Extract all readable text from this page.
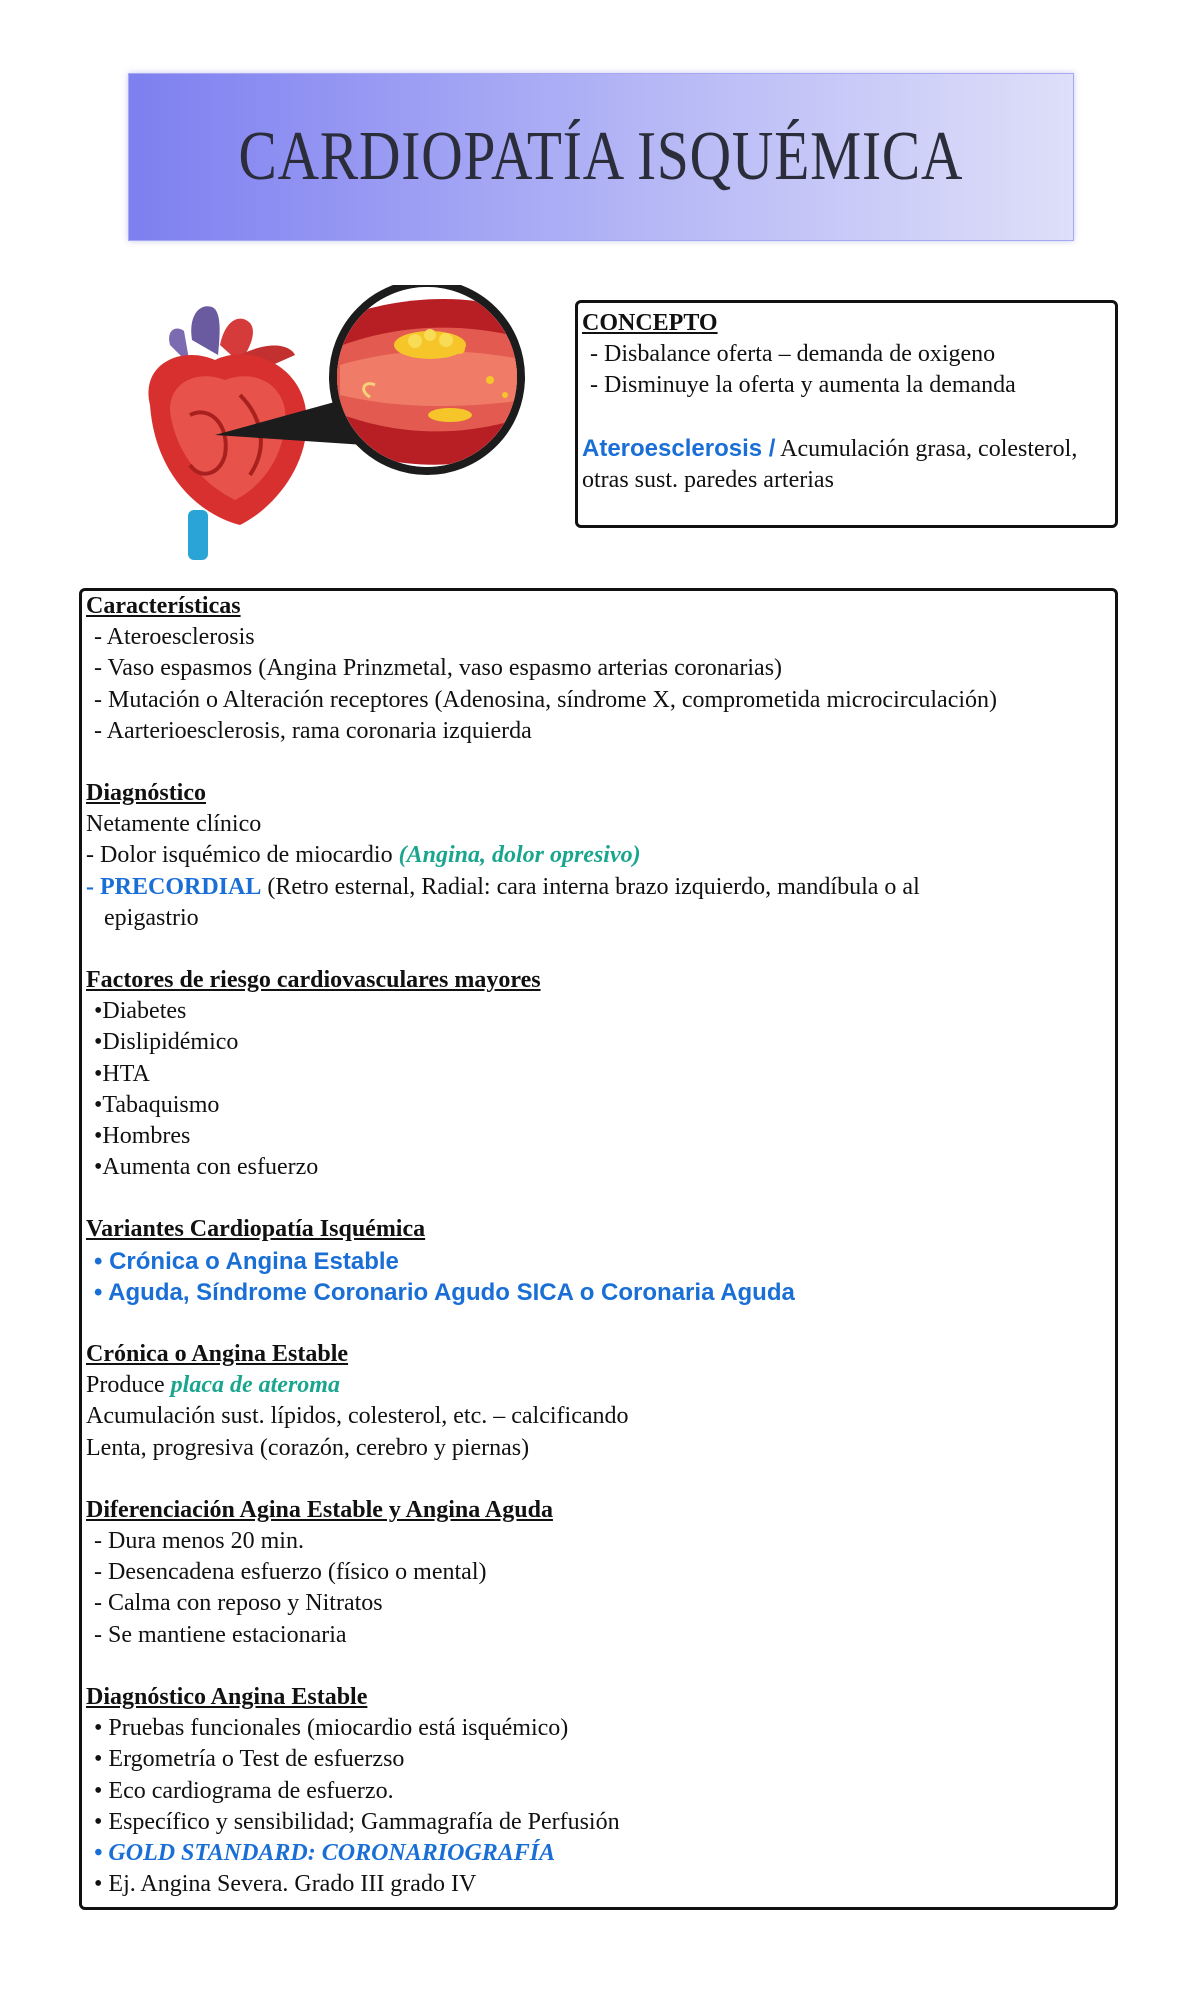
CARDIOPATÍA ISQUÉMICA
CONCEPTO
- Disbalance oferta – demanda de oxigeno
- Disminuye la oferta y aumenta la demanda
Ateroesclerosis / Acumulación grasa, colesterol,
otras sust. paredes arterias
Características
- Ateroesclerosis
- Vaso espasmos (Angina Prinzmetal, vaso espasmo arterias coronarias)
- Mutación o Alteración receptores (Adenosina, síndrome X, comprometida microcirculación)
- Aarterioesclerosis, rama coronaria izquierda
Diagnóstico
Netamente clínico
- Dolor isquémico de miocardio (Angina, dolor opresivo)
- PRECORDIAL (Retro esternal, Radial: cara interna brazo izquierdo, mandíbula o al
epigastrio
Factores de riesgo cardiovasculares mayores
•Diabetes
•Dislipidémico
•HTA
•Tabaquismo
•Hombres
•Aumenta con esfuerzo
Variantes Cardiopatía Isquémica
• Crónica o Angina Estable
• Aguda, Síndrome Coronario Agudo SICA o Coronaria Aguda
Crónica o Angina Estable
Produce placa de ateroma
Acumulación sust. lípidos, colesterol, etc. – calcificando
Lenta, progresiva (corazón, cerebro y piernas)
Diferenciación Agina Estable y Angina Aguda
- Dura menos 20 min.
- Desencadena esfuerzo (físico o mental)
- Calma con reposo y Nitratos
- Se mantiene estacionaria
Diagnóstico Angina Estable
• Pruebas funcionales (miocardio está isquémico)
• Ergometría o Test de esfuerzso
• Eco cardiograma de esfuerzo.
• Específico y sensibilidad; Gammagrafía de Perfusión
• GOLD STANDARD: CORONARIOGRAFÍA
• Ej. Angina Severa. Grado III grado IV
